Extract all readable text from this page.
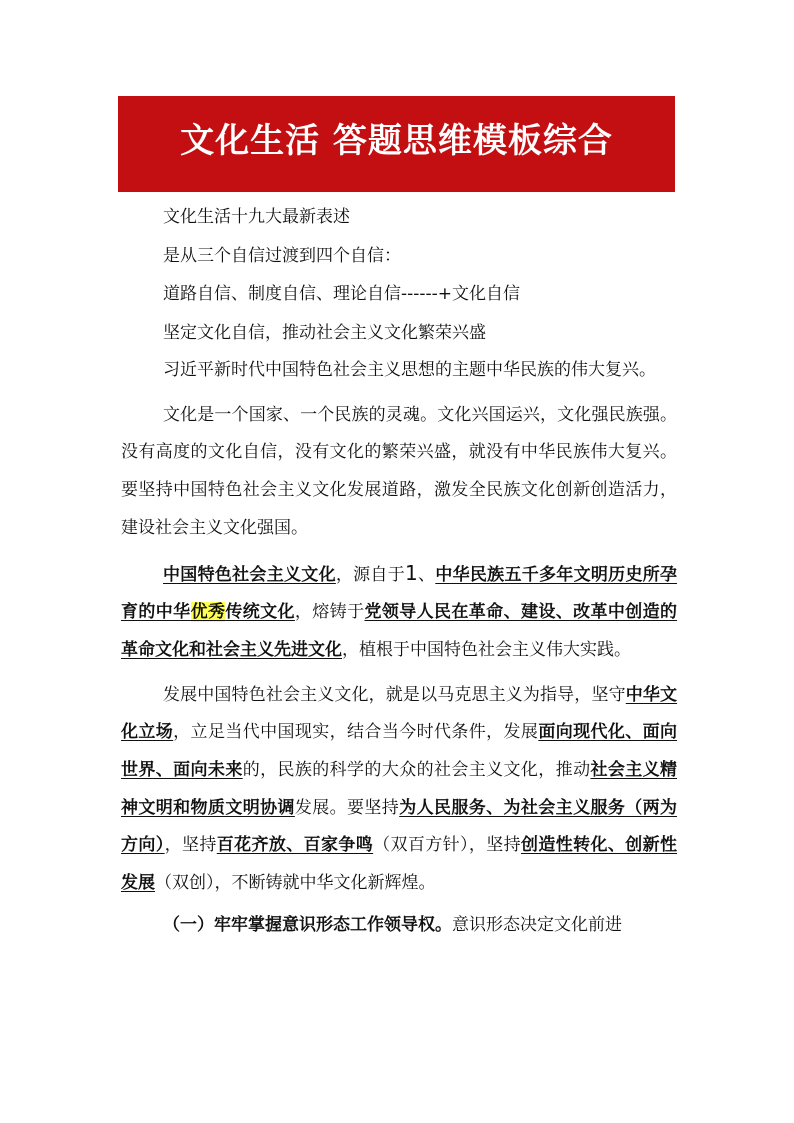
文化生活 答题思维模板综合
文化生活十九大最新表述
是从三个自信过渡到四个自信：
道路自信、制度自信、理论自信------+文化自信
坚定文化自信，推动社会主义文化繁荣兴盛
习近平新时代中国特色社会主义思想的主题中华民族的伟大复兴。
文化是一个国家、一个民族的灵魂。文化兴国运兴，文化强民族强。没有高度的文化自信，没有文化的繁荣兴盛，就没有中华民族伟大复兴。要坚持中国特色社会主义文化发展道路，激发全民族文化创新创造活力，建设社会主义文化强国。
中国特色社会主义文化，源自于1、中华民族五千多年文明历史所孕育的中华优秀传统文化，熔铸于党领导人民在革命、建设、改革中创造的革命文化和社会主义先进文化，植根于中国特色社会主义伟大实践。
发展中国特色社会主义文化，就是以马克思主义为指导，坚守中华文化立场，立足当代中国现实，结合当今时代条件，发展面向现代化、面向世界、面向未来的，民族的科学的大众的社会主义文化，推动社会主义精神文明和物质文明协调发展。要坚持为人民服务、为社会主义服务（两为方向），坚持百花齐放、百家争鸣（双百方针），坚持创造性转化、创新性发展（双创），不断铸就中华文化新辉煌。
（一）牢牢掌握意识形态工作领导权。意识形态决定文化前进
